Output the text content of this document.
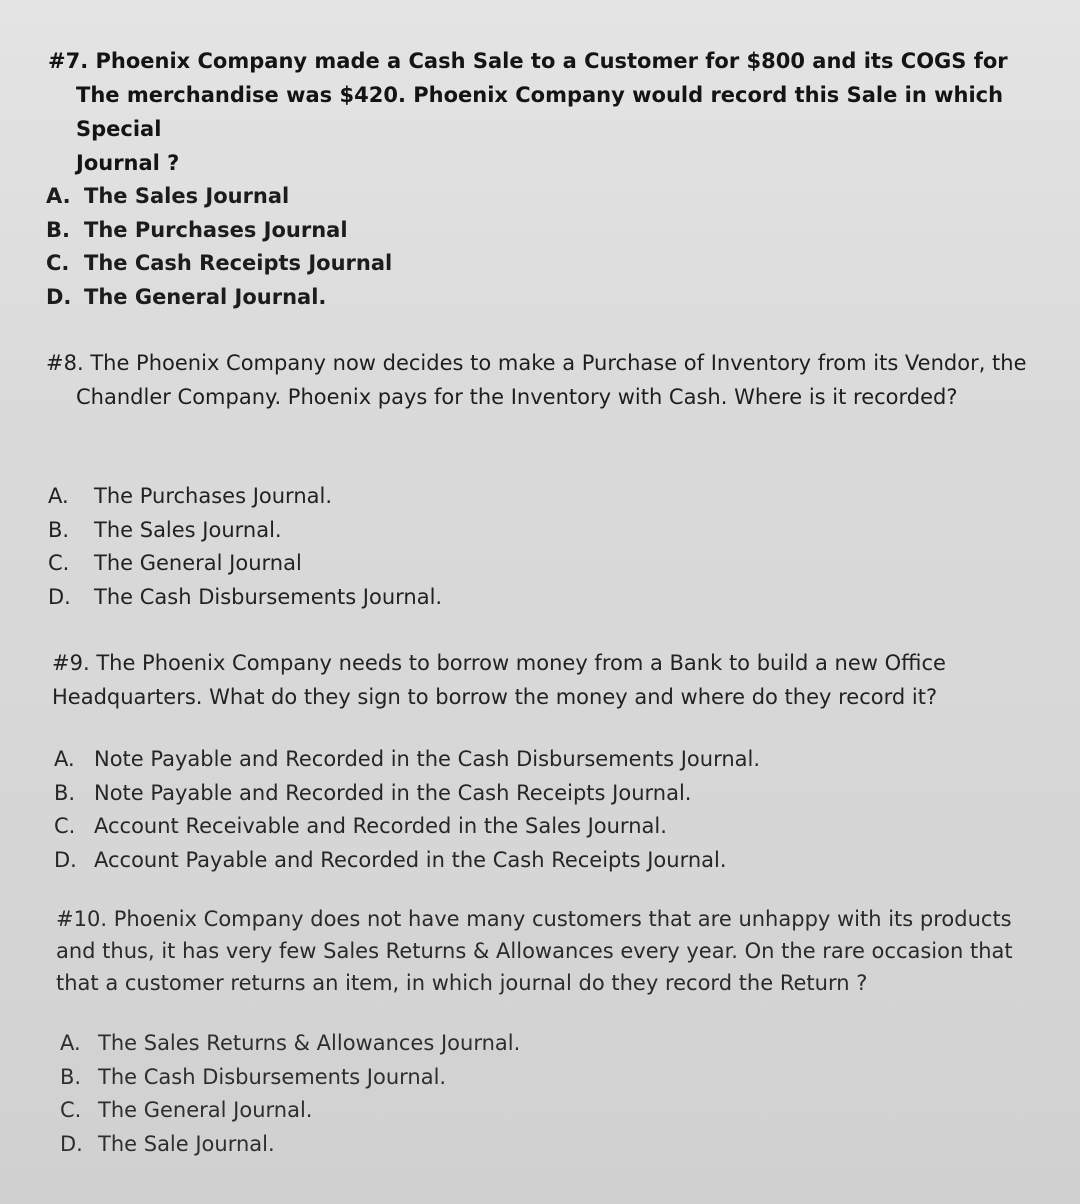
#7. Phoenix Company made a Cash Sale to a Customer for $800 and its COGS for
The merchandise was $420. Phoenix Company would record this Sale in which Special
Journal ?

A. The Sales Journal
B. The Purchases Journal
C. The Cash Receipts Journal
D. The General Journal.

#8. The Phoenix Company now decides to make a Purchase of Inventory from its Vendor, the
Chandler Company. Phoenix pays for the Inventory with Cash. Where is it recorded?

A. The Purchases Journal.
B. The Sales Journal.
C. The General Journal
D. The Cash Disbursements Journal.

#9. The Phoenix Company needs to borrow money from a Bank to build a new Office
Headquarters. What do they sign to borrow the money and where do they record it?

A. Note Payable and Recorded in the Cash Disbursements Journal.
B. Note Payable and Recorded in the Cash Receipts Journal.
C. Account Receivable and Recorded in the Sales Journal.
D. Account Payable and Recorded in the Cash Receipts Journal.

#10. Phoenix Company does not have many customers that are unhappy with its products
and thus, it has very few Sales Returns & Allowances every year. On the rare occasion that
that a customer returns an item, in which journal do they record the Return ?

A. The Sales Returns & Allowances Journal.
B. The Cash Disbursements Journal.
C. The General Journal.
D. The Sale Journal.
